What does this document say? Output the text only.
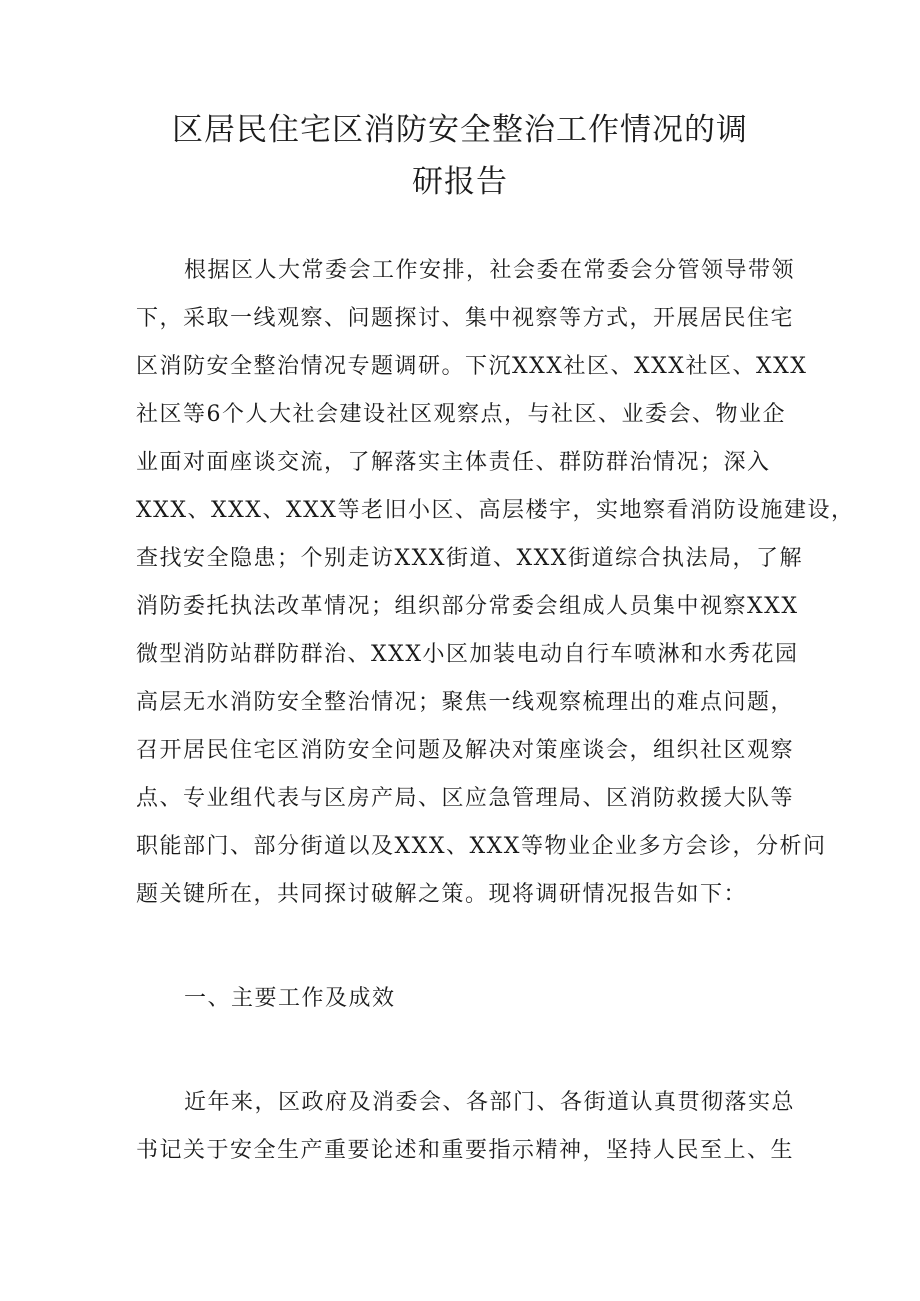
区居民住宅区消防安全整治工作情况的调
研报告

根据区人大常委会工作安排，社会委在常委会分管领导带领

下，采取一线观察、问题探讨、集中视察等方式，开展居民住宅

区消防安全整治情况专题调研。下沉XXX社区、XXX社区、XXX

社区等6个人大社会建设社区观察点，与社区、业委会、物业企

业面对面座谈交流，了解落实主体责任、群防群治情况；深入

XXX、XXX、XXX等老旧小区、高层楼宇，实地察看消防设施建设，

查找安全隐患；个别走访XXX街道、XXX街道综合执法局，了解

消防委托执法改革情况；组织部分常委会组成人员集中视察XXX

微型消防站群防群治、XXX小区加装电动自行车喷淋和水秀花园

高层无水消防安全整治情况；聚焦一线观察梳理出的难点问题，

召开居民住宅区消防安全问题及解决对策座谈会，组织社区观察

点、专业组代表与区房产局、区应急管理局、区消防救援大队等

职能部门、部分街道以及XXX、XXX等物业企业多方会诊，分析问

题关键所在，共同探讨破解之策。现将调研情况报告如下：

一、主要工作及成效

近年来，区政府及消委会、各部门、各街道认真贯彻落实总

书记关于安全生产重要论述和重要指示精神，坚持人民至上、生
